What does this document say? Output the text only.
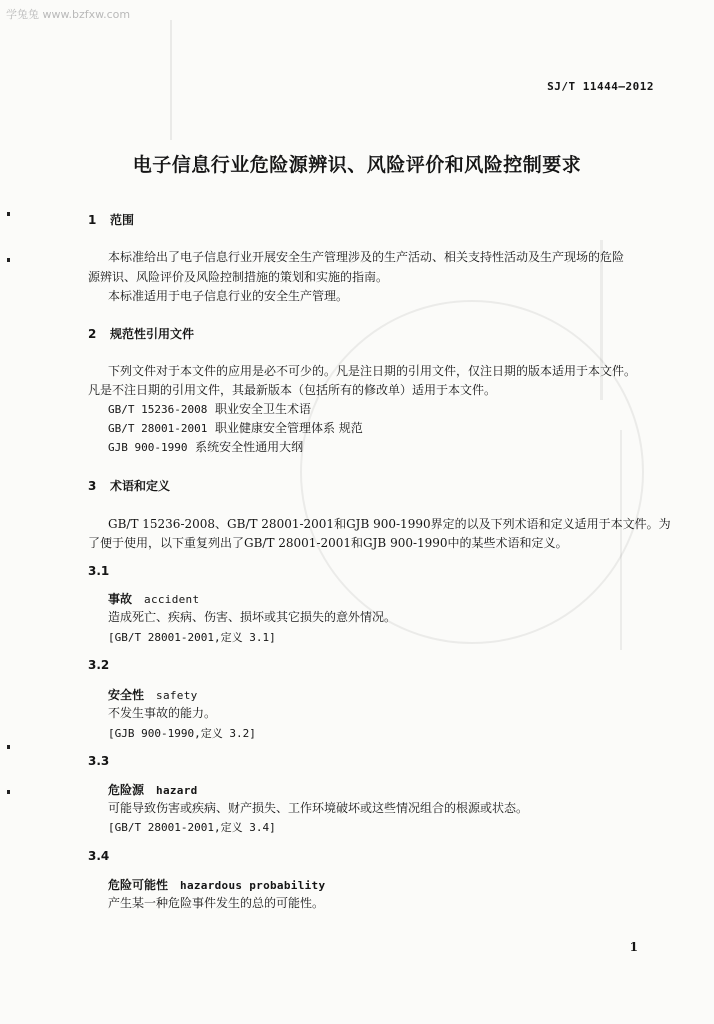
学兔兔 www.bzfxw.com
SJ/T 11444—2012
电子信息行业危险源辨识、风险评价和风险控制要求
1 范围
本标准给出了电子信息行业开展安全生产管理涉及的生产活动、相关支持性活动及生产现场的危险
源辨识、风险评价及风险控制措施的策划和实施的指南。
本标准适用于电子信息行业的安全生产管理。
2 规范性引用文件
下列文件对于本文件的应用是必不可少的。凡是注日期的引用文件，仅注日期的版本适用于本文件。
凡是不注日期的引用文件，其最新版本（包括所有的修改单）适用于本文件。
GB/T 15236-2008 职业安全卫生术语
GB/T 28001-2001 职业健康安全管理体系 规范
GJB 900-1990 系统安全性通用大纲
3 术语和定义
GB/T 15236-2008、GB/T 28001-2001和GJB 900-1990界定的以及下列术语和定义适用于本文件。为
了便于使用，以下重复列出了GB/T 28001-2001和GJB 900-1990中的某些术语和定义。
3.1
事故 accident
造成死亡、疾病、伤害、损坏或其它损失的意外情况。
[GB/T 28001-2001,定义 3.1]
3.2
安全性 safety
不发生事故的能力。
[GJB 900-1990,定义 3.2]
3.3
危险源 hazard
可能导致伤害或疾病、财产损失、工作环境破坏或这些情况组合的根源或状态。
[GB/T 28001-2001,定义 3.4]
3.4
危险可能性 hazardous probability
产生某一种危险事件发生的总的可能性。
1
